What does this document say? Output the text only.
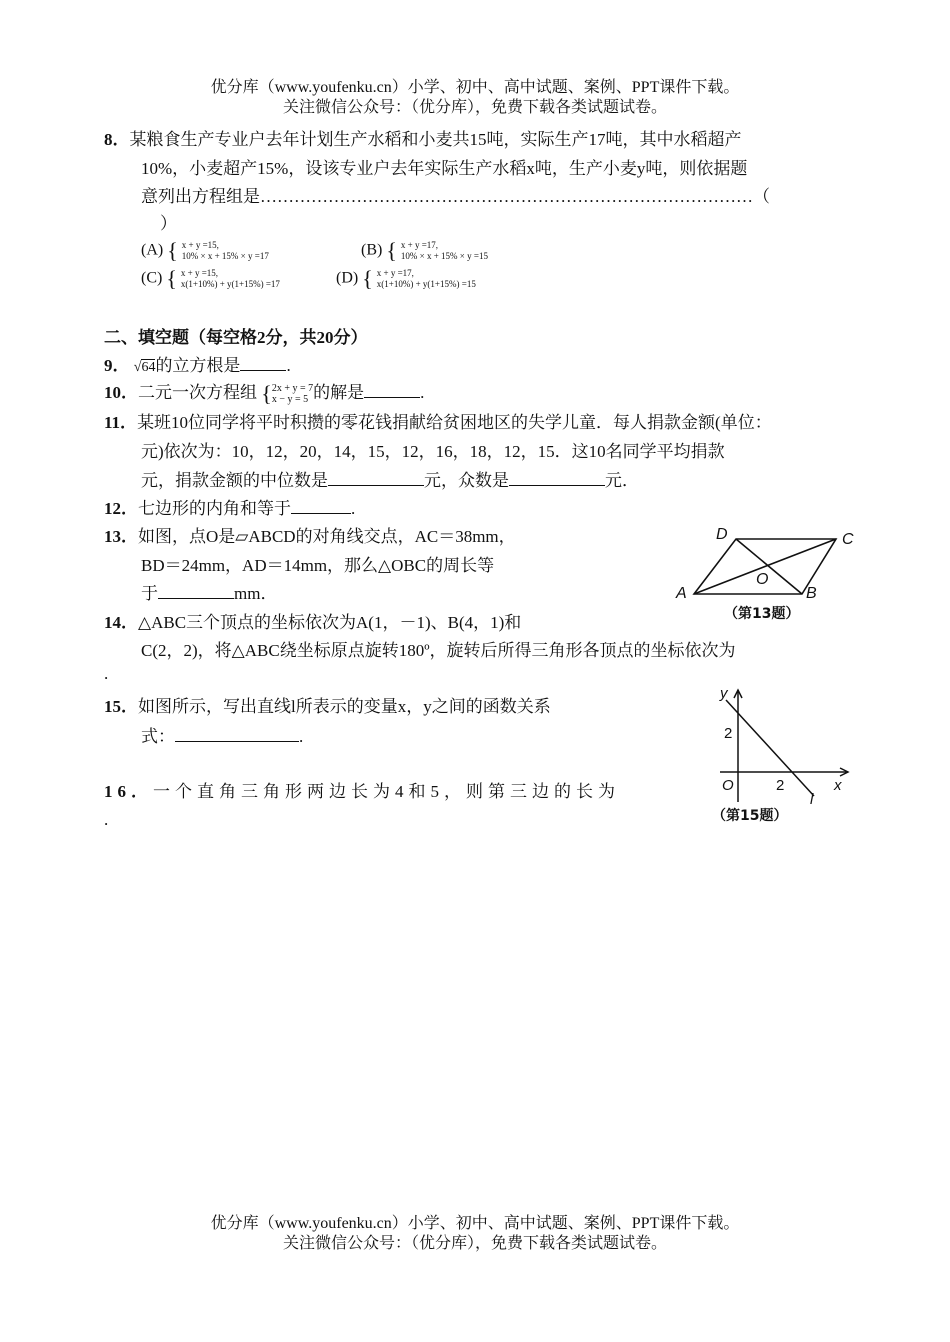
优分库（www.youfenku.cn）小学、初中、高中试题、案例、PPT课件下载。
关注微信公众号：（优分库），免费下载各类试题试卷。
8．某粮食生产专业户去年计划生产水稻和小麦共15吨，实际生产17吨，其中水稻超产
10%，小麦超产15%，设该专业户去年实际生产水稻x吨，生产小麦y吨，则依据题
意列出方程组是……………………………………………………………………………（
）
(A) { x + y =15,
10% × x + 15% × y =17	(B) { x + y =17,
10% × x + 15% × y =15
(C) { x + y =15,
x(1+10%) + y(1+15%) =17	(D) { x + y =17,
x(1+10%) + y(1+15%) =15
二、填空题（每空格2分，共20分）
9． √64的立方根是	.
10．二元一次方程组 { 2x + y = 7
x − y = 5 的解是	.
11．某班10位同学将平时积攒的零花钱捐献给贫困地区的失学儿童．每人捐款金额(单位：
元)依次为：10，12，20，14，15，12，16，18，12，15．这10名同学平均捐款
元，捐款金额的中位数是	元，众数是	元．
12．七边形的内角和等于	.
13．如图，点O是▱ABCD的对角线交点，AC＝38mm，
BD＝24mm，AD＝14mm，那么△OBC的周长等
于	mm．
D	C
A	B
O
（第13题）
14．△ABC三个顶点的坐标依次为A(1，－1)、B(4，1)和
C(2，2)，将△ABC绕坐标原点旋转180º，旋转后所得三角形各顶点的坐标依次为
.
15．如图所示，写出直线l所表示的变量x，y之间的函数关系
式：	.
y
x
O
2
2
l
（第15题）
16．一个直角三角形两边长为4和5，则第三边的长为
.
优分库（www.youfenku.cn）小学、初中、高中试题、案例、PPT课件下载。
关注微信公众号：（优分库），免费下载各类试题试卷。
